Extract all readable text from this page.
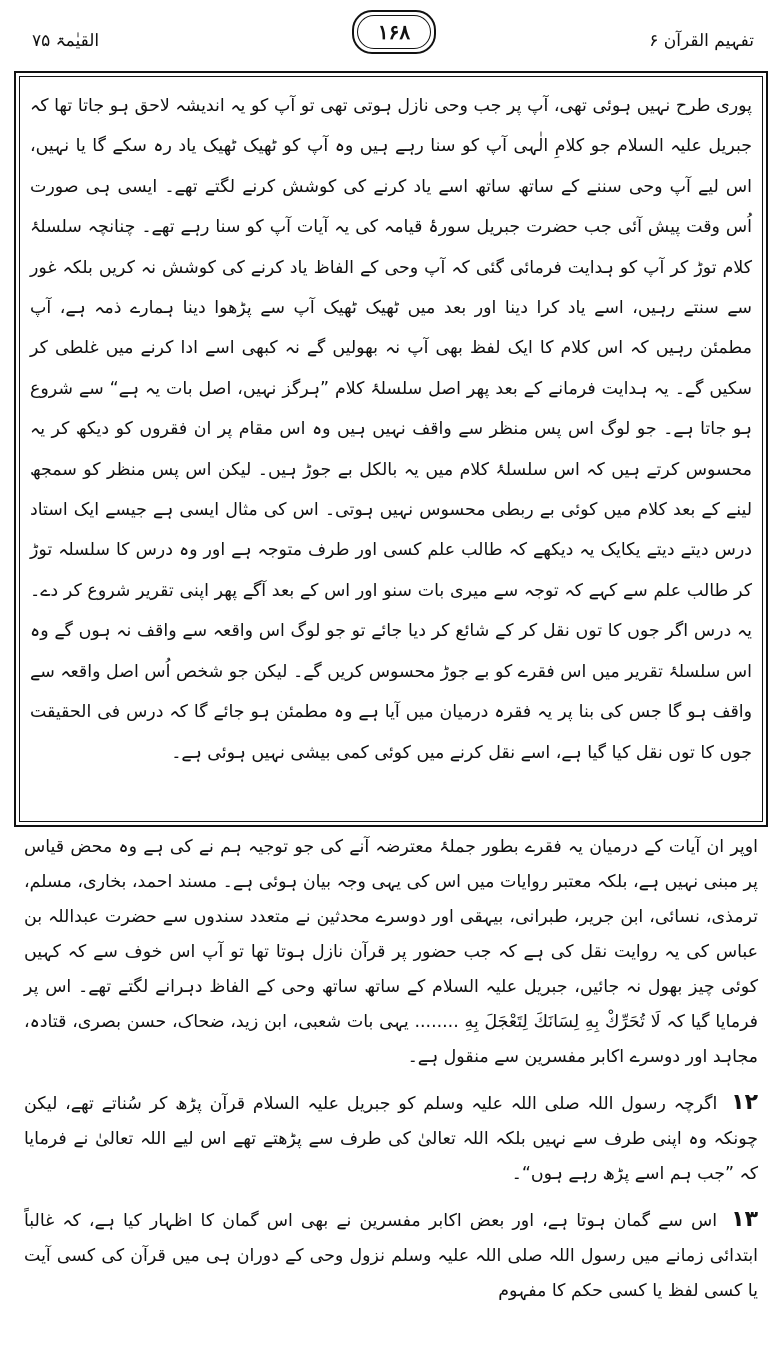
تفہیم القرآن ۶
۱۶۸
القیٰمۃ ۷۵

پوری طرح نہیں ہوئی تھی، آپ پر جب وحی نازل ہوتی تھی تو آپ کو یہ اندیشہ لاحق ہو جاتا تھا کہ جبریل علیہ السلام جو کلامِ الٰہی آپ کو سنا رہے ہیں وہ آپ کو ٹھیک ٹھیک یاد رہ سکے گا یا نہیں، اس لیے آپ وحی سننے کے ساتھ ساتھ اسے یاد کرنے کی کوشش کرنے لگتے تھے۔ ایسی ہی صورت اُس وقت پیش آئی جب حضرت جبریل سورۂ قیامہ کی یہ آیات آپ کو سنا رہے تھے۔ چنانچہ سلسلۂ کلام توڑ کر آپ کو ہدایت فرمائی گئی کہ آپ وحی کے الفاظ یاد کرنے کی کوشش نہ کریں بلکہ غور سے سنتے رہیں، اسے یاد کرا دینا اور بعد میں ٹھیک ٹھیک آپ سے پڑھوا دینا ہمارے ذمہ ہے، آپ مطمئن رہیں کہ اس کلام کا ایک لفظ بھی آپ نہ بھولیں گے نہ کبھی اسے ادا کرنے میں غلطی کر سکیں گے۔ یہ ہدایت فرمانے کے بعد پھر اصل سلسلۂ کلام ”ہرگز نہیں، اصل بات یہ ہے“ سے شروع ہو جاتا ہے۔ جو لوگ اس پس منظر سے واقف نہیں ہیں وہ اس مقام پر ان فقروں کو دیکھ کر یہ محسوس کرتے ہیں کہ اس سلسلۂ کلام میں یہ بالکل بے جوڑ ہیں۔ لیکن اس پس منظر کو سمجھ لینے کے بعد کلام میں کوئی بے ربطی محسوس نہیں ہوتی۔ اس کی مثال ایسی ہے جیسے ایک استاد درس دیتے دیتے یکایک یہ دیکھے کہ طالب علم کسی اور طرف متوجہ ہے اور وہ درس کا سلسلہ توڑ کر طالب علم سے کہے کہ توجہ سے میری بات سنو اور اس کے بعد آگے پھر اپنی تقریر شروع کر دے۔ یہ درس اگر جوں کا توں نقل کر کے شائع کر دیا جائے تو جو لوگ اس واقعہ سے واقف نہ ہوں گے وہ اس سلسلۂ تقریر میں اس فقرے کو بے جوڑ محسوس کریں گے۔ لیکن جو شخص اُس اصل واقعہ سے واقف ہو گا جس کی بنا پر یہ فقرہ درمیان میں آیا ہے وہ مطمئن ہو جائے گا کہ درس فی الحقیقت جوں کا توں نقل کیا گیا ہے، اسے نقل کرنے میں کوئی کمی بیشی نہیں ہوئی ہے۔

اوپر ان آیات کے درمیان یہ فقرے بطور جملۂ معترضہ آنے کی جو توجیہ ہم نے کی ہے وہ محض قیاس پر مبنی نہیں ہے، بلکہ معتبر روایات میں اس کی یہی وجہ بیان ہوئی ہے۔ مسند احمد، بخاری، مسلم، ترمذی، نسائی، ابن جریر، طبرانی، بیہقی اور دوسرے محدثین نے متعدد سندوں سے حضرت عبداللہ بن عباس کی یہ روایت نقل کی ہے کہ جب حضور پر قرآن نازل ہوتا تھا تو آپ اس خوف سے کہ کہیں کوئی چیز بھول نہ جائیں، جبریل علیہ السلام کے ساتھ ساتھ وحی کے الفاظ دہرانے لگتے تھے۔ اس پر فرمایا گیا کہ لَا تُحَرِّكْ بِهِ لِسَانَكَ لِتَعْجَلَ بِهِ ........ یہی بات شعبی، ابن زید، ضحاک، حسن بصری، قتادہ، مجاہد اور دوسرے اکابر مفسرین سے منقول ہے۔

۱۲ اگرچہ رسول اللہ صلی اللہ علیہ وسلم کو جبریل علیہ السلام قرآن پڑھ کر سُناتے تھے، لیکن چونکہ وہ اپنی طرف سے نہیں بلکہ اللہ تعالیٰ کی طرف سے پڑھتے تھے اس لیے اللہ تعالیٰ نے فرمایا کہ ”جب ہم اسے پڑھ رہے ہوں“۔

۱۳ اس سے گمان ہوتا ہے، اور بعض اکابر مفسرین نے بھی اس گمان کا اظہار کیا ہے، کہ غالباً ابتدائی زمانے میں رسول اللہ صلی اللہ علیہ وسلم نزول وحی کے دوران ہی میں قرآن کی کسی آیت یا کسی لفظ یا کسی حکم کا مفہوم
